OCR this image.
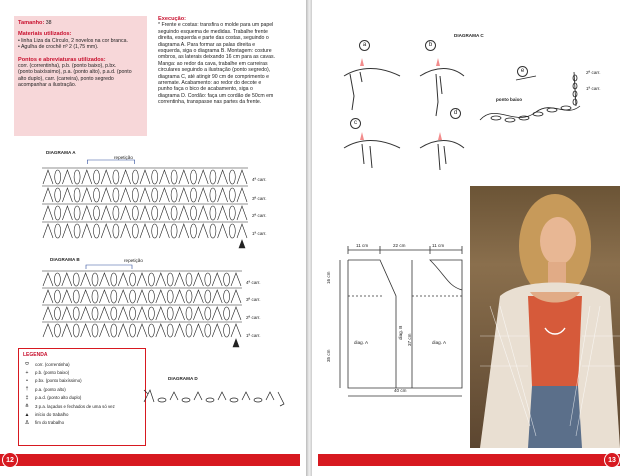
Tamanho: 38
Materiais utilizados:
• linha Liza da Círculo, 2 novelos na cor branca.
• Agulha de crochê nº 2 (1,75 mm).
Pontos e abreviaturas utilizados:
corr. (correntinha), p.b. (ponto baixo), p.bx.
(ponto baixíssimo), p.a. (ponto alto), p.a.d. (ponto
alto duplo), carr. (carreira), ponto segredo
acompanhar a ilustração.
Execução:
* Frente e costas: transfira o molde para um papel
seguindo esquema de medidas. Trabalhe frente
direita, esquerda e parte das costas, seguindo o
diagrama A. Para formar as palas direita e
esquerda, siga o diagrama B. Montagem: costure
ombros, as laterais deixando 16 cm para as cavas.
Manga: ao redor da cava, trabalhe em carreiras
circulares seguindo a ilustração (ponto segredo),
diagrama C, até atingir 90 cm de comprimento e
arremate. Acabamento: ao redor do decote e
punho faça o bico de acabamento, siga o
diagrama D. Cordão: faça um cordão de 50cm em
correntinha, transpasse nas partes da frente.
DIAGRAMA A
repetição
4ª carr.
3ª carr.
2ª carr.
1ª carr.
DIAGRAMA B	repetição
4ª carr.
3ª carr.
2ª carr.
1ª carr.
LEGENDA
⬭	corr. (correntinha)
+	p.b. (ponto baixo)
•	p.bx. (ponto baixíssimo)
†	p.a. (ponto alto)
‡	p.a.d. (ponto alto duplo)
⋔	3 p.a. laçados e fechados de uma só vez
▲	início do trabalho
Δ	fim do trabalho
DIAGRAMA D
12
DIAGRAMA C
a	b
c
d
e
ponto baixo
2ª carr.
1ª carr.
11 cm	22 cm	11 cm
16 cm
35 cm
37 cm
40 cm
diag. A
diag. B
diag. A
13
